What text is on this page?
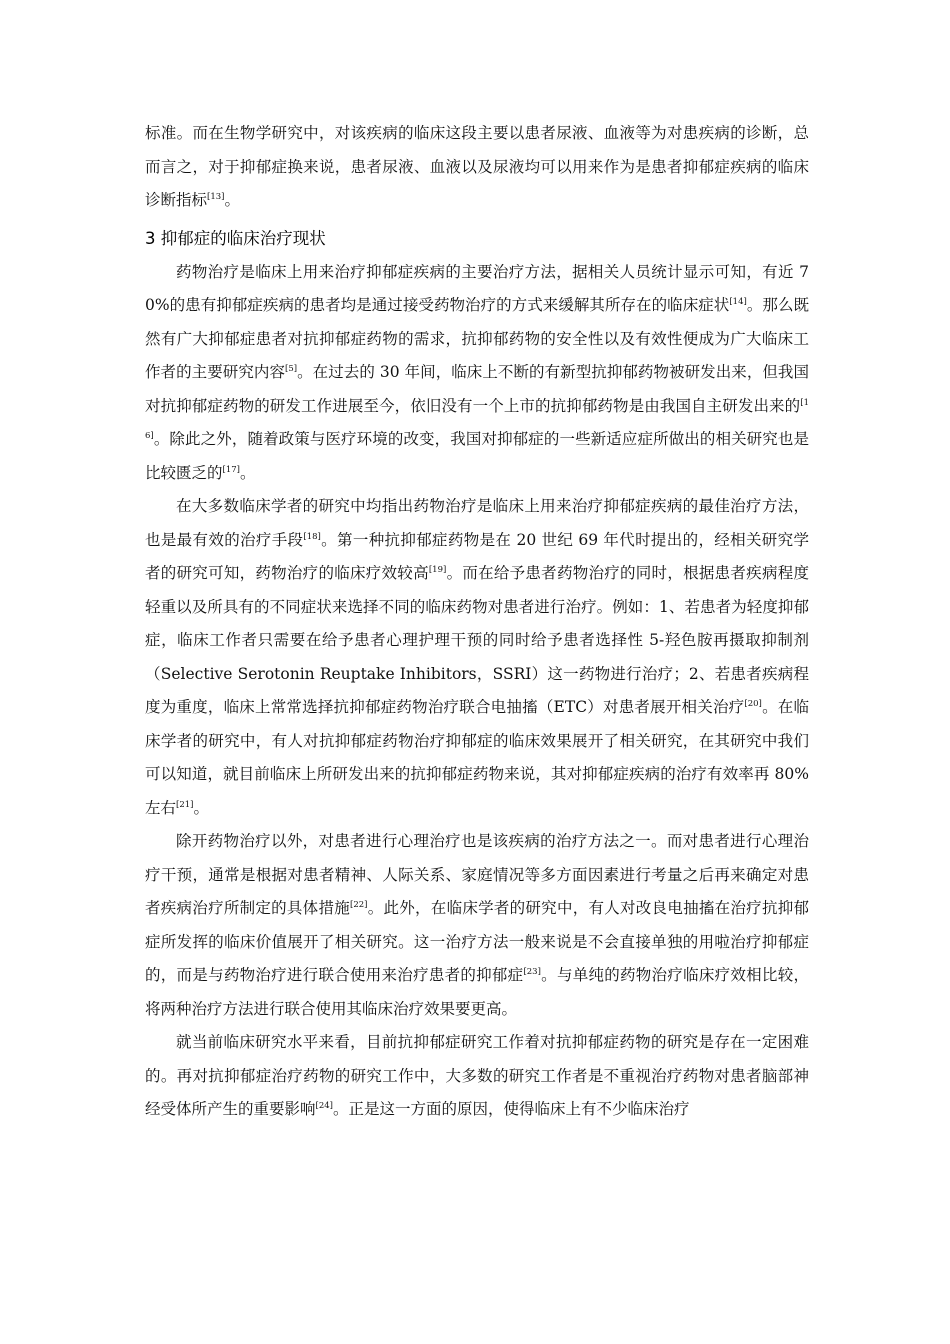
标准。而在生物学研究中，对该疾病的临床这段主要以患者尿液、血液等为对患疾病的诊断，总而言之，对于抑郁症换来说，患者尿液、血液以及尿液均可以用来作为是患者抑郁症疾病的临床诊断指标[13]。

3 抑郁症的临床治疗现状

药物治疗是临床上用来治疗抑郁症疾病的主要治疗方法，据相关人员统计显示可知，有近 70%的患有抑郁症疾病的患者均是通过接受药物治疗的方式来缓解其所存在的临床症状[14]。那么既然有广大抑郁症患者对抗抑郁症药物的需求，抗抑郁药物的安全性以及有效性便成为广大临床工作者的主要研究内容[5]。在过去的 30 年间，临床上不断的有新型抗抑郁药物被研发出来，但我国对抗抑郁症药物的研发工作进展至今，依旧没有一个上市的抗抑郁药物是由我国自主研发出来的[16]。除此之外，随着政策与医疗环境的改变，我国对抑郁症的一些新适应症所做出的相关研究也是比较匮乏的[17]。

在大多数临床学者的研究中均指出药物治疗是临床上用来治疗抑郁症疾病的最佳治疗方法，也是最有效的治疗手段[18]。第一种抗抑郁症药物是在 20 世纪 69 年代时提出的，经相关研究学者的研究可知，药物治疗的临床疗效较高[19]。而在给予患者药物治疗的同时，根据患者疾病程度轻重以及所具有的不同症状来选择不同的临床药物对患者进行治疗。例如：1、若患者为轻度抑郁症，临床工作者只需要在给予患者心理护理干预的同时给予患者选择性 5-羟色胺再摄取抑制剂（Selective Serotonin Reuptake Inhibitors，SSRI）这一药物进行治疗；2、若患者疾病程度为重度，临床上常常选择抗抑郁症药物治疗联合电抽搐（ETC）对患者展开相关治疗[20]。在临床学者的研究中，有人对抗抑郁症药物治疗抑郁症的临床效果展开了相关研究，在其研究中我们可以知道，就目前临床上所研发出来的抗抑郁症药物来说，其对抑郁症疾病的治疗有效率再 80%左右[21]。

除开药物治疗以外，对患者进行心理治疗也是该疾病的治疗方法之一。而对患者进行心理治疗干预，通常是根据对患者精神、人际关系、家庭情况等多方面因素进行考量之后再来确定对患者疾病治疗所制定的具体措施[22]。此外，在临床学者的研究中，有人对改良电抽搐在治疗抗抑郁症所发挥的临床价值展开了相关研究。这一治疗方法一般来说是不会直接单独的用啦治疗抑郁症的，而是与药物治疗进行联合使用来治疗患者的抑郁症[23]。与单纯的药物治疗临床疗效相比较，将两种治疗方法进行联合使用其临床治疗效果要更高。

就当前临床研究水平来看，目前抗抑郁症研究工作着对抗抑郁症药物的研究是存在一定困难的。再对抗抑郁症治疗药物的研究工作中，大多数的研究工作者是不重视治疗药物对患者脑部神经受体所产生的重要影响[24]。正是这一方面的原因，使得临床上有不少临床治疗
